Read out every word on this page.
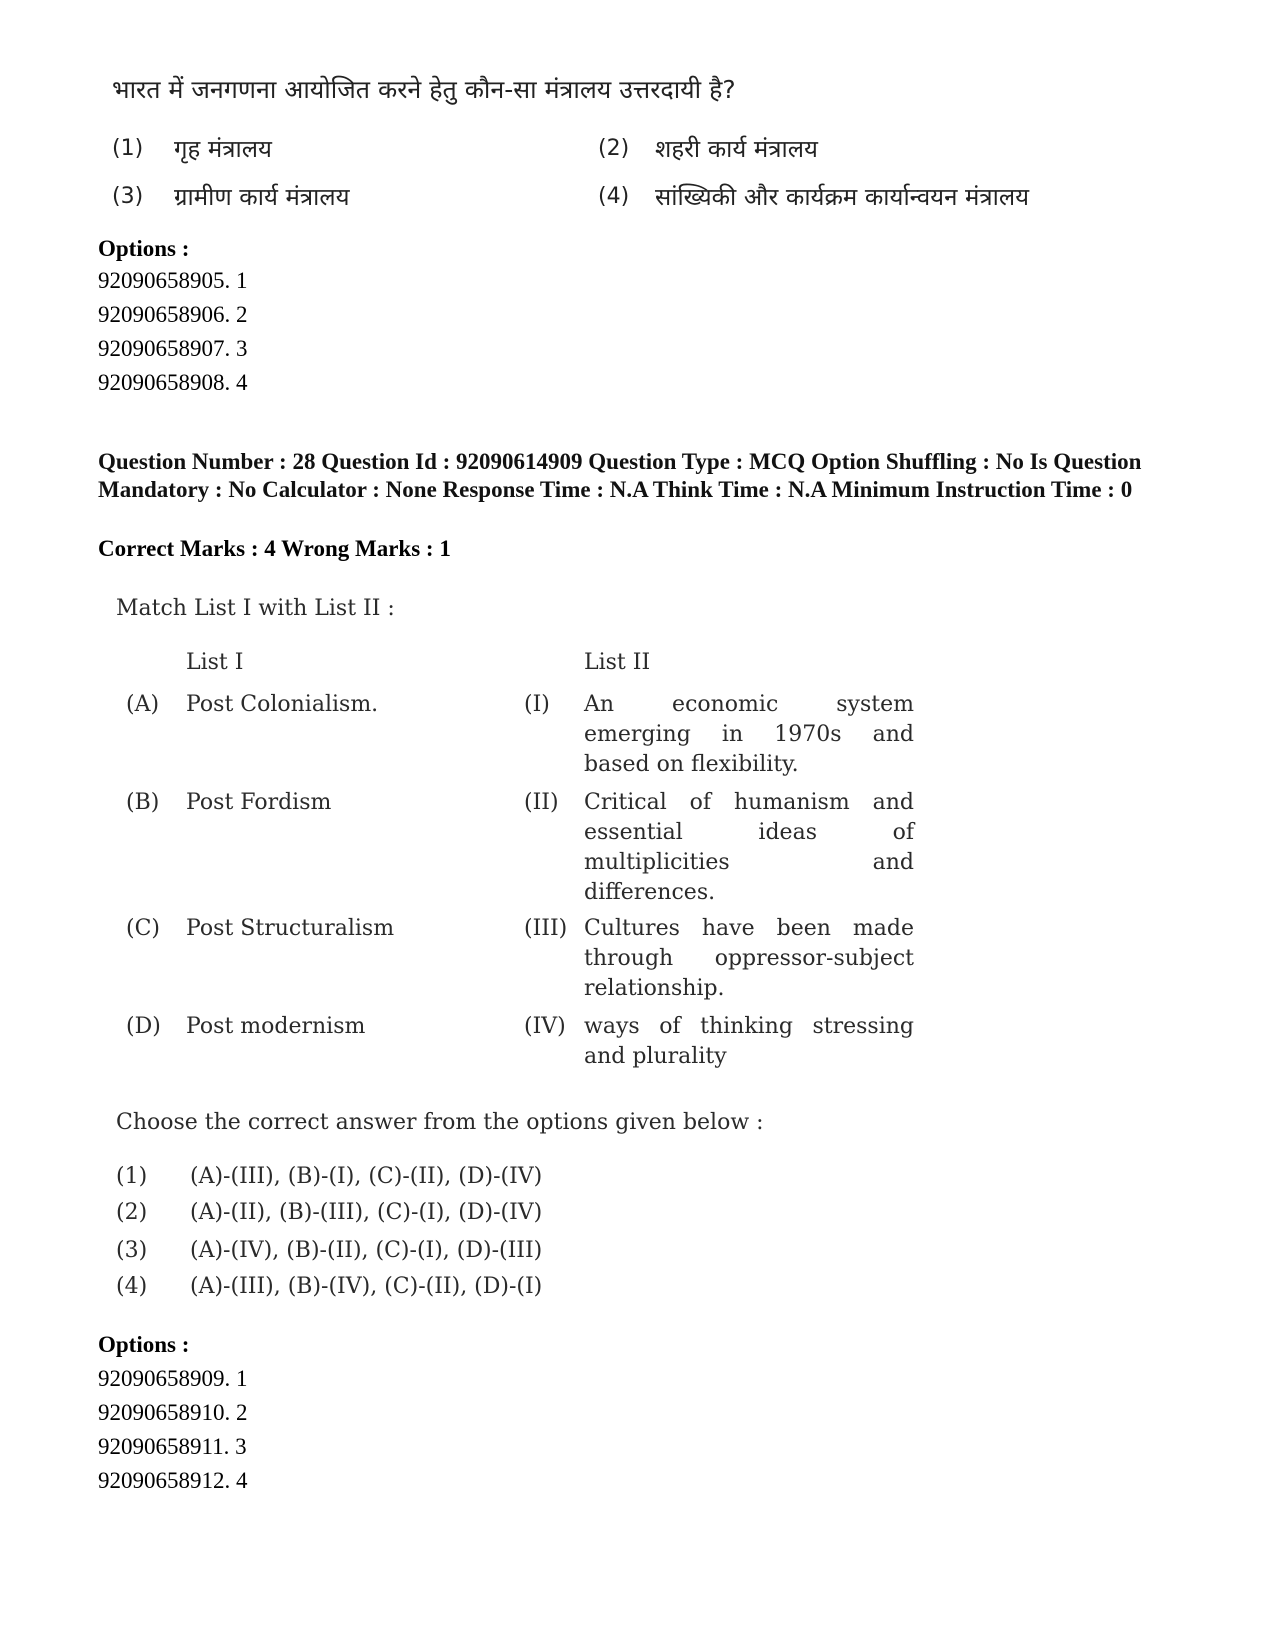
भारत में जनगणना आयोजित करने हेतु कौन-सा मंत्रालय उत्तरदायी है?
(1) गृह मंत्रालय	(2) शहरी कार्य मंत्रालय
(3) ग्रामीण कार्य मंत्रालय	(4) सांख्यिकी और कार्यक्रम कार्यान्वयन मंत्रालय
Options :
92090658905. 1
92090658906. 2
92090658907. 3
92090658908. 4
Question Number : 28 Question Id : 92090614909 Question Type : MCQ Option Shuffling : No Is Question Mandatory : No Calculator : None Response Time : N.A Think Time : N.A Minimum Instruction Time : 0
Correct Marks : 4 Wrong Marks : 1
Match List I with List II :
List I	List II
(A) Post Colonialism.	(I) An economic system emerging in 1970s and based on flexibility.
(B) Post Fordism	(II) Critical of humanism and essential ideas of multiplicities and differences.
(C) Post Structuralism	(III) Cultures have been made through oppressor-subject relationship.
(D) Post modernism	(IV) ways of thinking stressing and plurality
Choose the correct answer from the options given below :
(1) (A)-(III), (B)-(I), (C)-(II), (D)-(IV)
(2) (A)-(II), (B)-(III), (C)-(I), (D)-(IV)
(3) (A)-(IV), (B)-(II), (C)-(I), (D)-(III)
(4) (A)-(III), (B)-(IV), (C)-(II), (D)-(I)
Options :
92090658909. 1
92090658910. 2
92090658911. 3
92090658912. 4
